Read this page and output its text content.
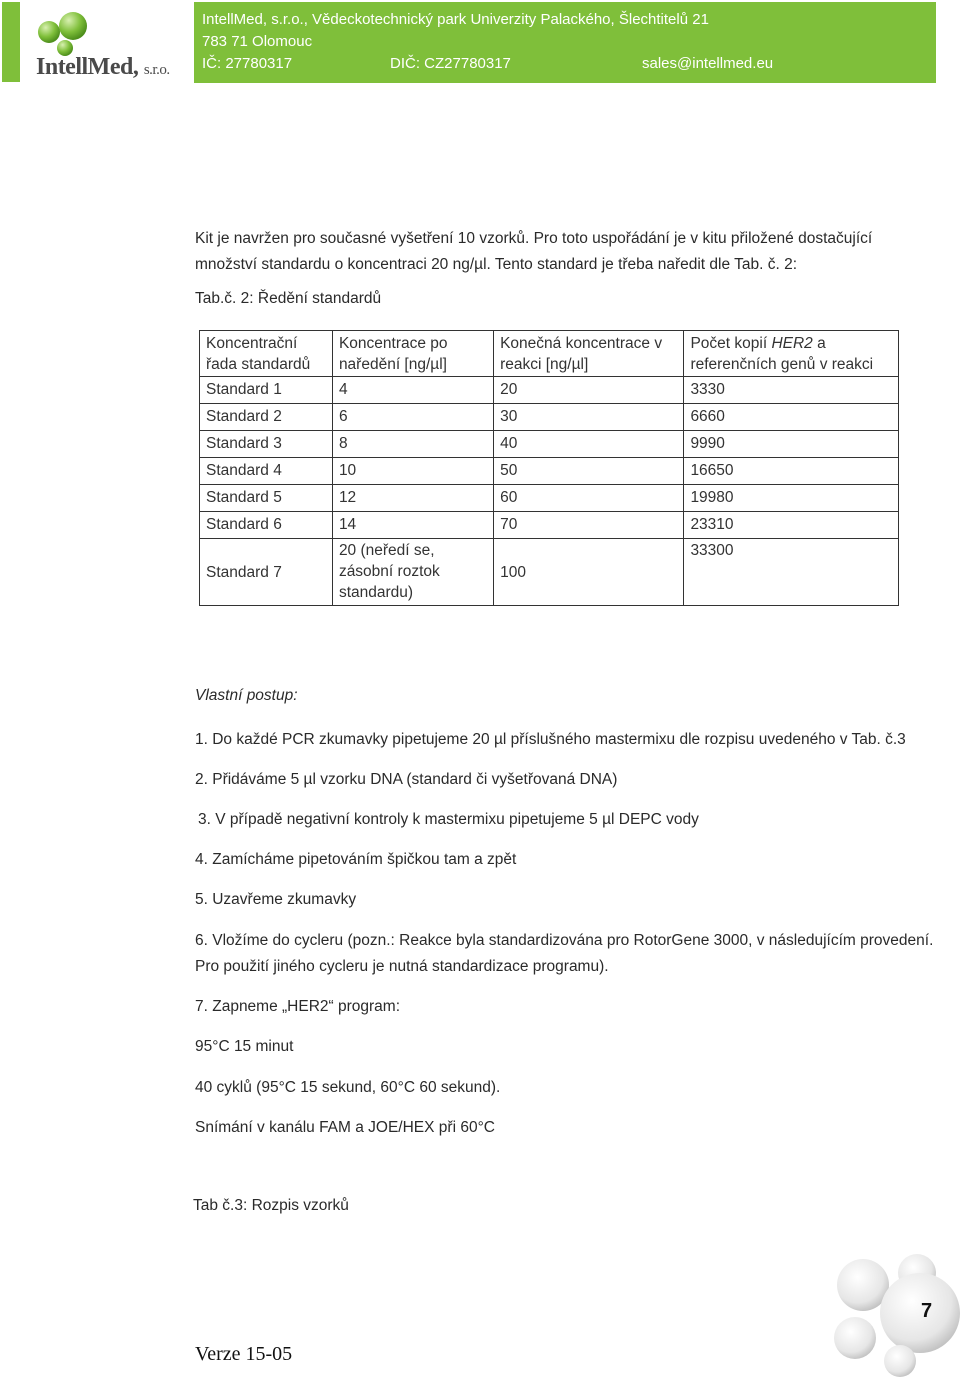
IntellMed, s.r.o.
IntellMed, s.r.o., Vědeckotechnický park Univerzity Palackého, Šlechtitelů 21
783 71 Olomouc
IČ: 27780317	DIČ: CZ27780317	sales@intellmed.eu
Kit je navržen pro současné vyšetření 10 vzorků. Pro toto uspořádání je v kitu přiložené dostačující množství standardu o koncentraci 20 ng/µl. Tento standard je třeba naředit dle Tab. č. 2:
Tab.č. 2: Ředění standardů
Koncentrační řada standardů	Koncentrace po naředění [ng/µl]	Konečná koncentrace v reakci [ng/µl]	Počet kopií HER2 a referenčních genů v reakci
Standard 1	4	20	3330
Standard 2	6	30	6660
Standard 3	8	40	9990
Standard 4	10	50	16650
Standard 5	12	60	19980
Standard 6	14	70	23310
Standard 7	20 (neředí se, zásobní roztok standardu)	100	33300
Vlastní postup:
1. Do každé PCR zkumavky pipetujeme 20 µl příslušného mastermixu dle rozpisu uvedeného v Tab. č.3
2. Přidáváme 5 µl vzorku DNA (standard či vyšetřovaná DNA)
3. V případě negativní kontroly k mastermixu pipetujeme 5 µl DEPC vody
4. Zamícháme pipetováním špičkou tam a zpět
5. Uzavřeme zkumavky
6. Vložíme do cycleru (pozn.: Reakce byla standardizována pro RotorGene 3000, v následujícím provedení. Pro použití jiného cycleru je nutná standardizace programu).
7. Zapneme „HER2“ program:
95°C 15 minut
40 cyklů (95°C 15 sekund, 60°C 60 sekund).
Snímání v kanálu FAM a JOE/HEX při 60°C
Tab č.3: Rozpis vzorků
Verze 15-05
7
